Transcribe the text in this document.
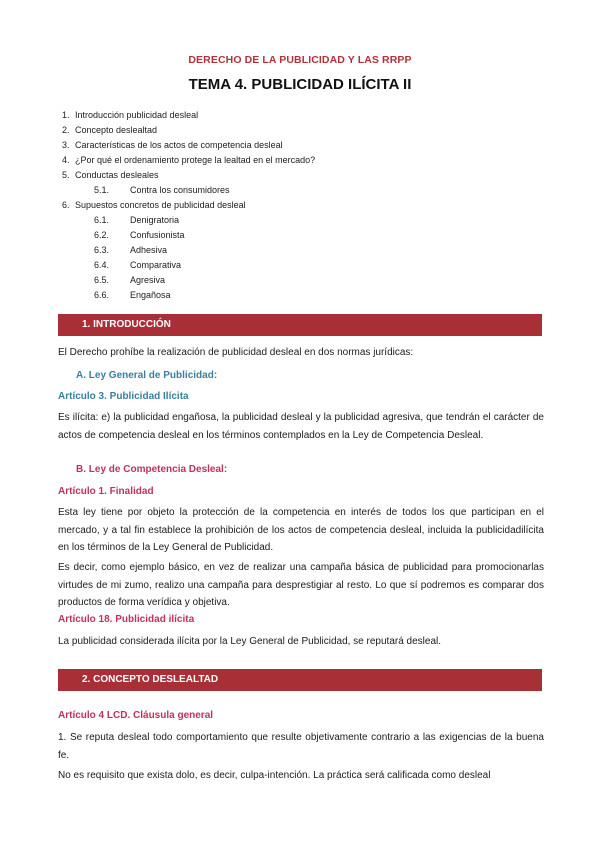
DERECHO DE LA PUBLICIDAD Y LAS RRPP
TEMA 4. PUBLICIDAD ILÍCITA II
1. Introducción publicidad desleal
2. Concepto deslealtad
3. Características de los actos de competencia desleal
4. ¿Por qué el ordenamiento protege la lealtad en el mercado?
5. Conductas desleales
5.1. Contra los consumidores
6. Supuestos concretos de publicidad desleal
6.1. Denigratoria
6.2. Confusionista
6.3. Adhesiva
6.4. Comparativa
6.5. Agresiva
6.6. Engañosa
1. INTRODUCCIÓN
El Derecho prohíbe la realización de publicidad desleal en dos normas jurídicas:
A. Ley General de Publicidad:
Artículo 3. Publicidad Ilícita
Es ilícita: e) la publicidad engañosa, la publicidad desleal y la publicidad agresiva, que tendrán el carácter de actos de competencia desleal en los términos contemplados en la Ley de Competencia Desleal.
B. Ley de Competencia Desleal:
Artículo 1. Finalidad
Esta ley tiene por objeto la protección de la competencia en interés de todos los que participan en el mercado, y a tal fin establece la prohibición de los actos de competencia desleal, incluida la publicidadilícita en los términos de la Ley General de Publicidad.
Es decir, como ejemplo básico, en vez de realizar una campaña básica de publicidad para promocionarlas virtudes de mi zumo, realizo una campaña para desprestigiar al resto. Lo que sí podremos es comparar dos productos de forma verídica y objetiva.
Artículo 18. Publicidad ilícita
La publicidad considerada ilícita por la Ley General de Publicidad, se reputará desleal.
2. CONCEPTO DESLEALTAD
Artículo 4 LCD. Cláusula general
1. Se reputa desleal todo comportamiento que resulte objetivamente contrario a las exigencias de la buena fe.
No es requisito que exista dolo, es decir, culpa-intención. La práctica será calificada como desleal
